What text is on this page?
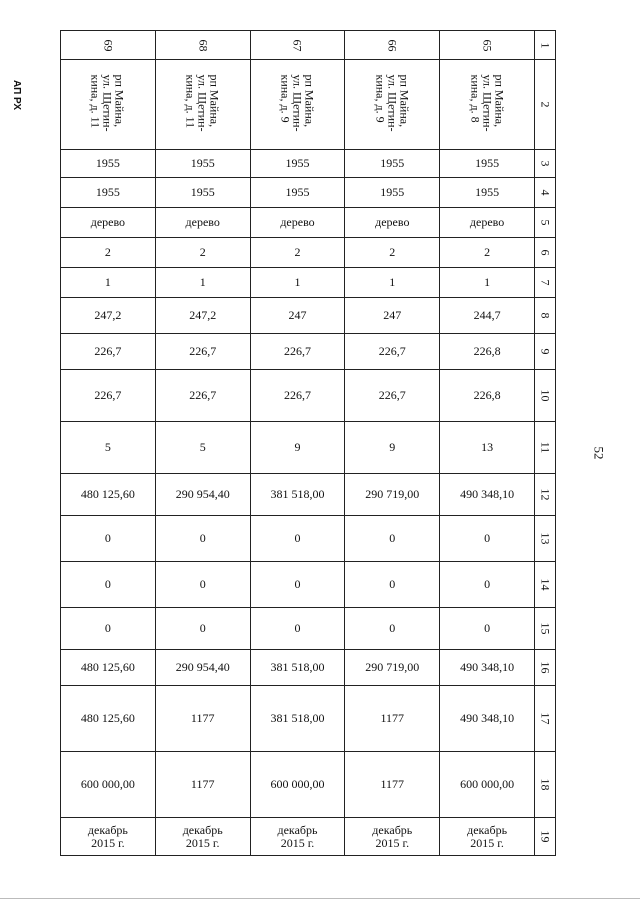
АП РХ
52
69	68	67	66	65	1

рп Майна,
ул. Щетин-
кина, д. 11	рп Майна,
ул. Щетин-
кина, д. 11	рп Майна,
ул. Щетин-
кина, д. 9	рп Майна,
ул. Щетин-
кина, д. 9	рп Майна,
ул. Щетин-
кина, д. 8	2
1955	1955	1955	1955	1955	3
1955	1955	1955	1955	1955	4
дерево	дерево	дерево	дерево	дерево	5
2	2	2	2	2	6
1	1	1	1	1	7
247,2	247,2	247	247	244,7	8
226,7	226,7	226,7	226,7	226,8	9
226,7	226,7	226,7	226,7	226,8	10
5	5	9	9	13	11
480 125,60	290 954,40	381 518,00	290 719,00	490 348,10	12
0	0	0	0	0	13
0	0	0	0	0	14
0	0	0	0	0	15
480 125,60	290 954,40	381 518,00	290 719,00	490 348,10	16
480 125,60	1177	381 518,00	1177	490 348,10	17
600 000,00	1177	600 000,00	1177	600 000,00	18
декабрь
2015 г.	декабрь
2015 г.	декабрь
2015 г.	декабрь
2015 г.	декабрь
2015 г.	19
